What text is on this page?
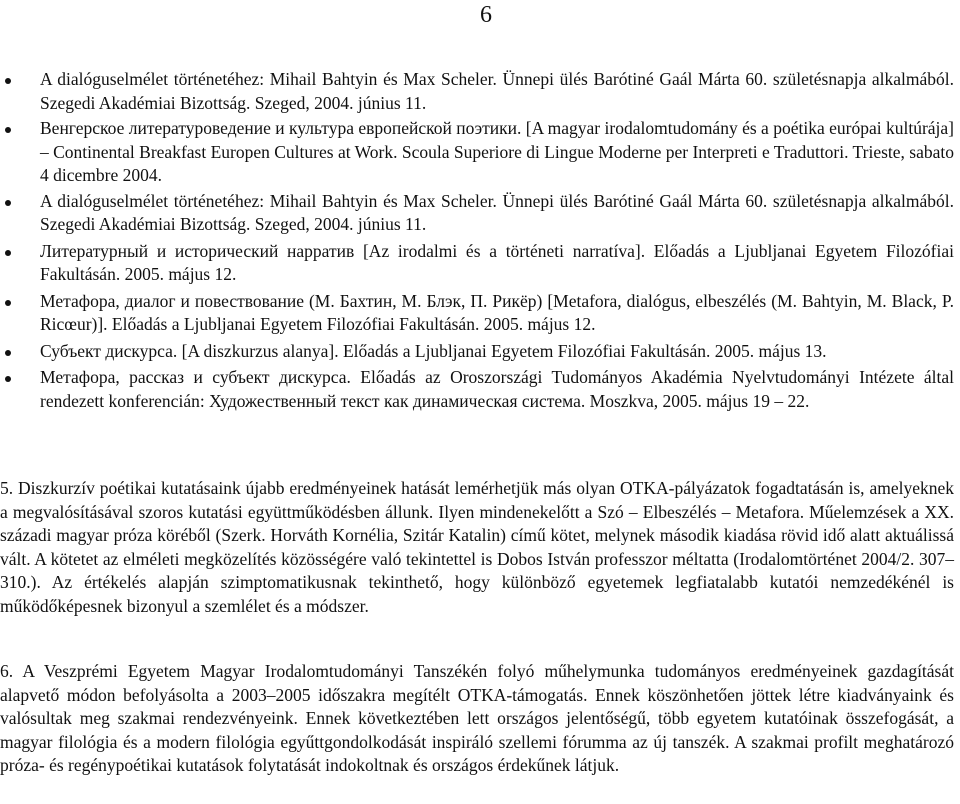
6
A dialóguselmélet történetéhez: Mihail Bahtyin és Max Scheler. Ünnepi ülés Barótiné Gaál Márta 60. születésnapja alkalmából. Szegedi Akadémiai Bizottság. Szeged, 2004. június 11.
Венгерское литературоведение и культура европейской поэтики. [A magyar irodalomtudomány és a poétika európai kultúrája] – Continental Breakfast Europen Cultures at Work. Scoula Superiore di Lingue Moderne per Interpreti e Traduttori. Trieste, sabato 4 dicembre 2004.
A dialóguselmélet történetéhez: Mihail Bahtyin és Max Scheler. Ünnepi ülés Barótiné Gaál Márta 60. születésnapja alkalmából. Szegedi Akadémiai Bizottság. Szeged, 2004. június 11.
Литературный и исторический нарратив [Az irodalmi és a történeti narratíva]. Előadás a Ljubljanai Egyetem Filozófiai Fakultásán. 2005. május 12.
Метафора, диалог и повествование (М. Бахтин, М. Блэк, П. Рикёр) [Metafora, dialógus, elbeszélés (M. Bahtyin, M. Black, P. Ricœur)]. Előadás a Ljubljanai Egyetem Filozófiai Fakultásán. 2005. május 12.
Субъект дискурса. [A diszkurzus alanya]. Előadás a Ljubljanai Egyetem Filozófiai Fakultásán. 2005. május 13.
Метафора, рассказ и субъект дискурса. Előadás az Oroszországi Tudományos Akadémia Nyelvtudományi Intézete által rendezett konferencián: Художественный текст как динамическая система. Moszkva, 2005. május 19 – 22.

5. Diszkurzív poétikai kutatásaink újabb eredményeinek hatását lemérhetjük más olyan OTKA-pályázatok fogadtatásán is, amelyeknek a megvalósításával szoros kutatási együttműködésben állunk. Ilyen mindenekelőtt a Szó – Elbeszélés – Metafora. Műelemzések a XX. századi magyar próza köréből (Szerk. Horváth Kornélia, Szitár Katalin) című kötet, melynek második kiadása rövid idő alatt aktuálissá vált. A kötetet az elméleti megközelítés közösségére való tekintettel is Dobos István professzor méltatta (Irodalomtörténet 2004/2. 307–310.). Az értékelés alapján szimptomatikusnak tekinthető, hogy különböző egyetemek legfiatalabb kutatói nemzedékénél is működőképesnek bizonyul a szemlélet és a módszer.

6. A Veszprémi Egyetem Magyar Irodalomtudományi Tanszékén folyó műhelymunka tudományos eredményeinek gazdagítását alapvető módon befolyásolta a 2003–2005 időszakra megítélt OTKA-támogatás. Ennek köszönhetően jöttek létre kiadványaink és valósultak meg szakmai rendezvényeink. Ennek következtében lett országos jelentőségű, több egyetem kutatóinak összefogását, a magyar filológia és a modern filológia egyűttgondolkodását inspiráló szellemi fórumma az új tanszék. A szakmai profilt meghatározó próza- és regénypoétikai kutatások folytatását indokoltnak és országos érdekűnek látjuk.
